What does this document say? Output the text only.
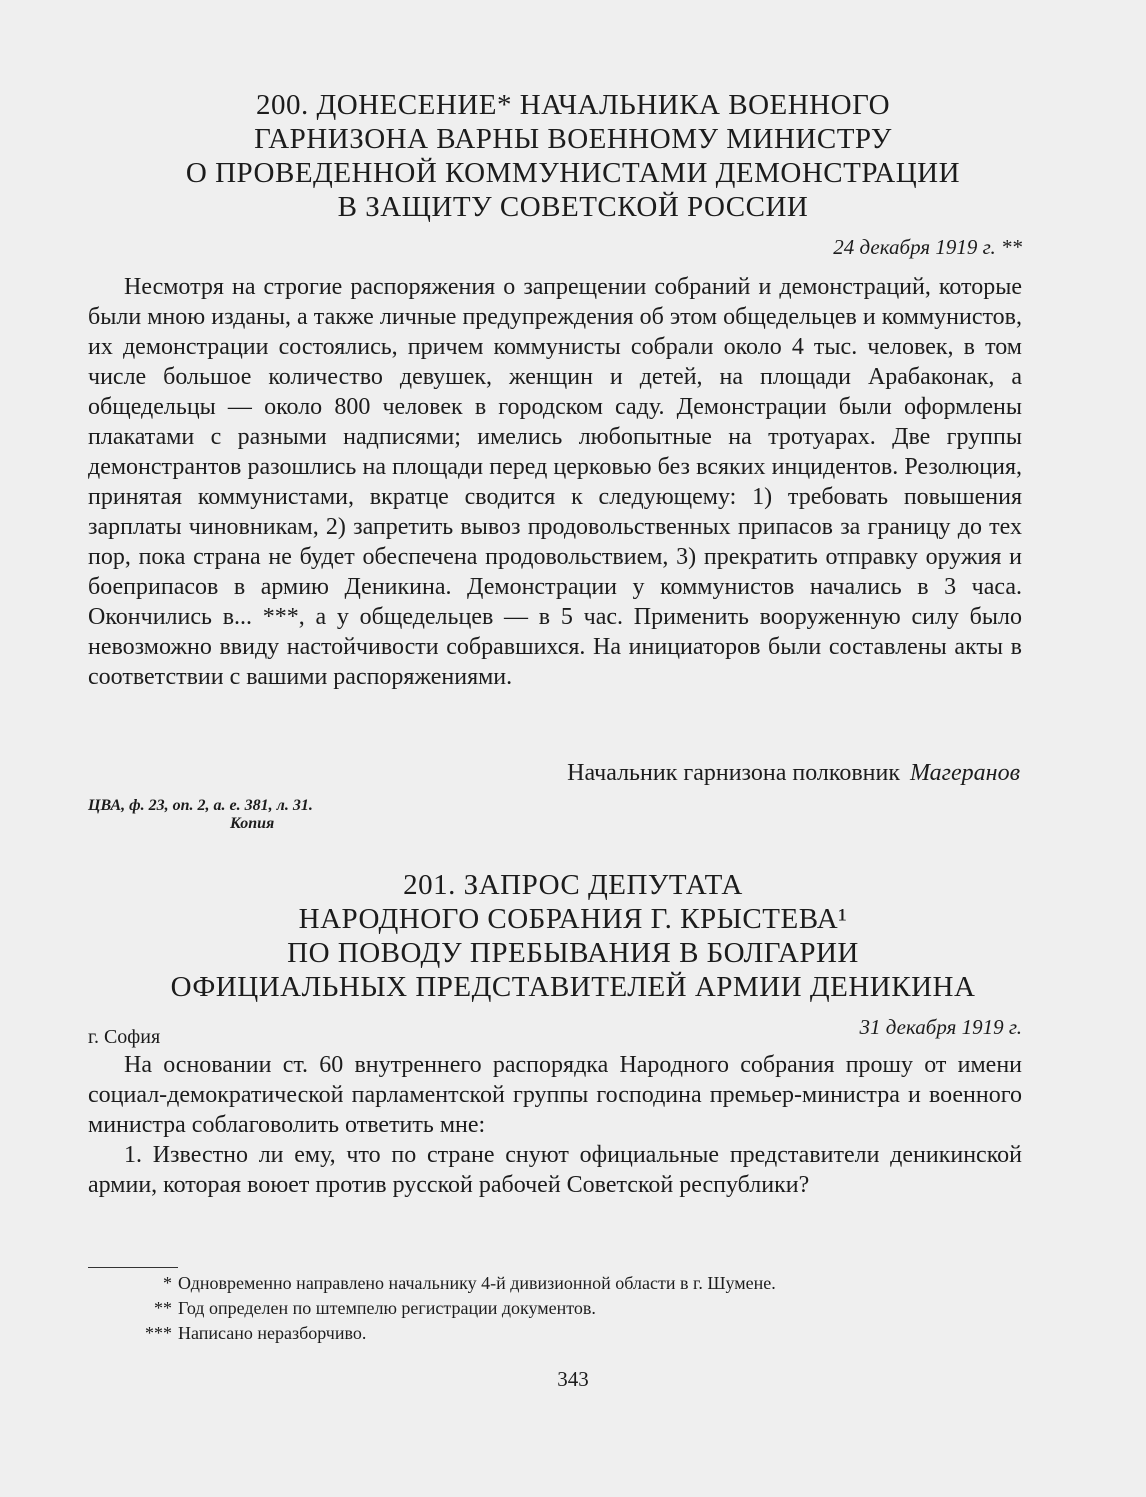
200. ДОНЕСЕНИЕ* НАЧАЛЬНИКА ВОЕННОГО
ГАРНИЗОНА ВАРНЫ ВОЕННОМУ МИНИСТРУ
О ПРОВЕДЕННОЙ КОММУНИСТАМИ ДЕМОНСТРАЦИИ
В ЗАЩИТУ СОВЕТСКОЙ РОССИИ
24 декабря 1919 г. **

Несмотря на строгие распоряжения о запрещении собраний и демонстраций, которые были мною изданы, а также личные предупреждения об этом общедельцев и коммунистов, их демонстрации состоялись, причем коммунисты собрали около 4 тыс. человек, в том числе большое количество девушек, женщин и детей, на площади Арабаконак, а общедельцы — около 800 человек в городском саду. Демонстрации были оформлены плакатами с разными надписями; имелись любопытные на тротуарах. Две группы демонстрантов разошлись на площади перед церковью без всяких инцидентов. Резолюция, принятая коммунистами, вкратце сводится к следующему: 1) требовать повышения зарплаты чиновникам, 2) запретить вывоз продовольственных припасов за границу до тех пор, пока страна не будет обеспечена продовольствием, 3) прекратить отправку оружия и боеприпасов в армию Деникина. Демонстрации у коммунистов начались в 3 часа. Окончились в... ***, а у общедельцев — в 5 час. Применить вооруженную силу было невозможно ввиду настойчивости собравшихся. На инициаторов были составлены акты в соответствии с вашими распоряжениями.

Начальник гарнизона полковник Магеранов
ЦВА, ф. 23, оп. 2, а. е. 381, л. 31.
Копия
201. ЗАПРОС ДЕПУТАТА
НАРОДНОГО СОБРАНИЯ Г. КРЫСТЕВА¹
ПО ПОВОДУ ПРЕБЫВАНИЯ В БОЛГАРИИ
ОФИЦИАЛЬНЫХ ПРЕДСТАВИТЕЛЕЙ АРМИИ ДЕНИКИНА
г. София	31 декабря 1919 г.

На основании ст. 60 внутреннего распорядка Народного собрания прошу от имени социал-демократической парламентской группы господина премьер-министра и военного министра соблаговолить ответить мне:

1. Известно ли ему, что по стране снуют официальные представители деникинской армии, которая воюет против русской рабочей Советской республики?

* Одновременно направлено начальнику 4-й дивизионной области в г. Шумене.
** Год определен по штемпелю регистрации документов.
*** Написано неразборчиво.
343
